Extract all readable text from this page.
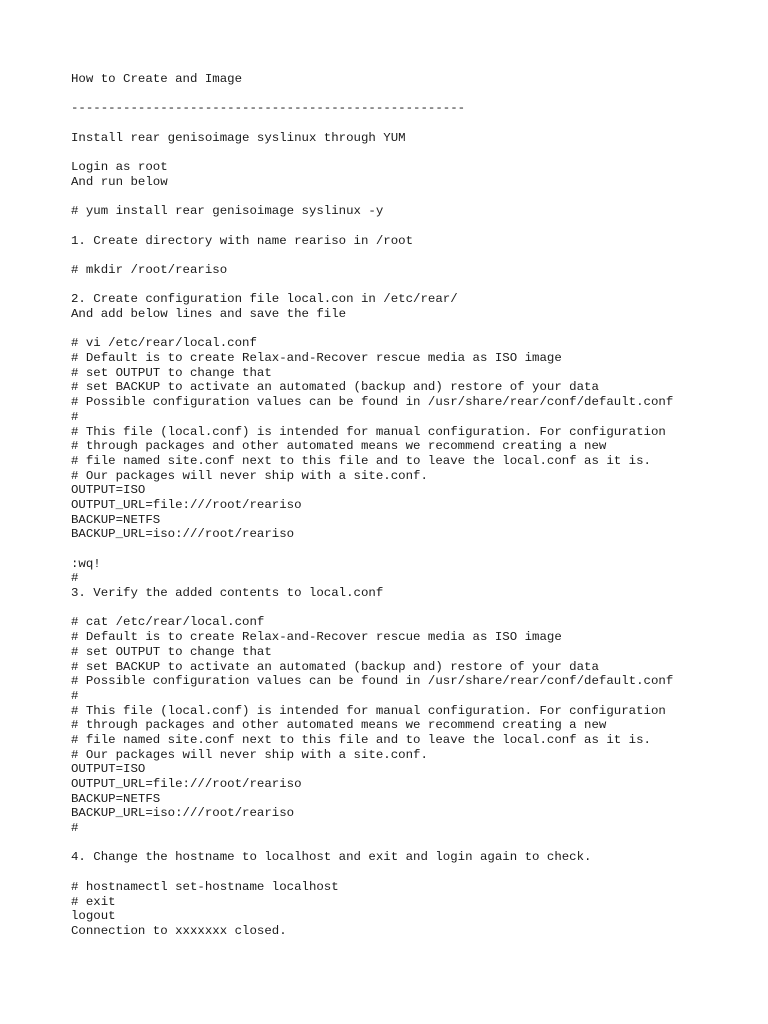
How to Create and Image
-----------------------------------------------------
Install rear genisoimage syslinux through YUM
Login as root
And run below
# yum install rear genisoimage syslinux -y
1. Create directory with name reariso in /root
# mkdir /root/reariso
2. Create configuration file local.con in /etc/rear/
And add below lines and save the file
# vi /etc/rear/local.conf
# Default is to create Relax-and-Recover rescue media as ISO image
# set OUTPUT to change that
# set BACKUP to activate an automated (backup and) restore of your data
# Possible configuration values can be found in /usr/share/rear/conf/default.conf
#
# This file (local.conf) is intended for manual configuration. For configuration
# through packages and other automated means we recommend creating a new
# file named site.conf next to this file and to leave the local.conf as it is.
# Our packages will never ship with a site.conf.
OUTPUT=ISO
OUTPUT_URL=file:///root/reariso
BACKUP=NETFS
BACKUP_URL=iso:///root/reariso
:wq!
#
3. Verify the added contents to local.conf
# cat /etc/rear/local.conf
# Default is to create Relax-and-Recover rescue media as ISO image
# set OUTPUT to change that
# set BACKUP to activate an automated (backup and) restore of your data
# Possible configuration values can be found in /usr/share/rear/conf/default.conf
#
# This file (local.conf) is intended for manual configuration. For configuration
# through packages and other automated means we recommend creating a new
# file named site.conf next to this file and to leave the local.conf as it is.
# Our packages will never ship with a site.conf.
OUTPUT=ISO
OUTPUT_URL=file:///root/reariso
BACKUP=NETFS
BACKUP_URL=iso:///root/reariso
#
4. Change the hostname to localhost and exit and login again to check.
# hostnamectl set-hostname localhost
# exit
logout
Connection to xxxxxxx closed.
